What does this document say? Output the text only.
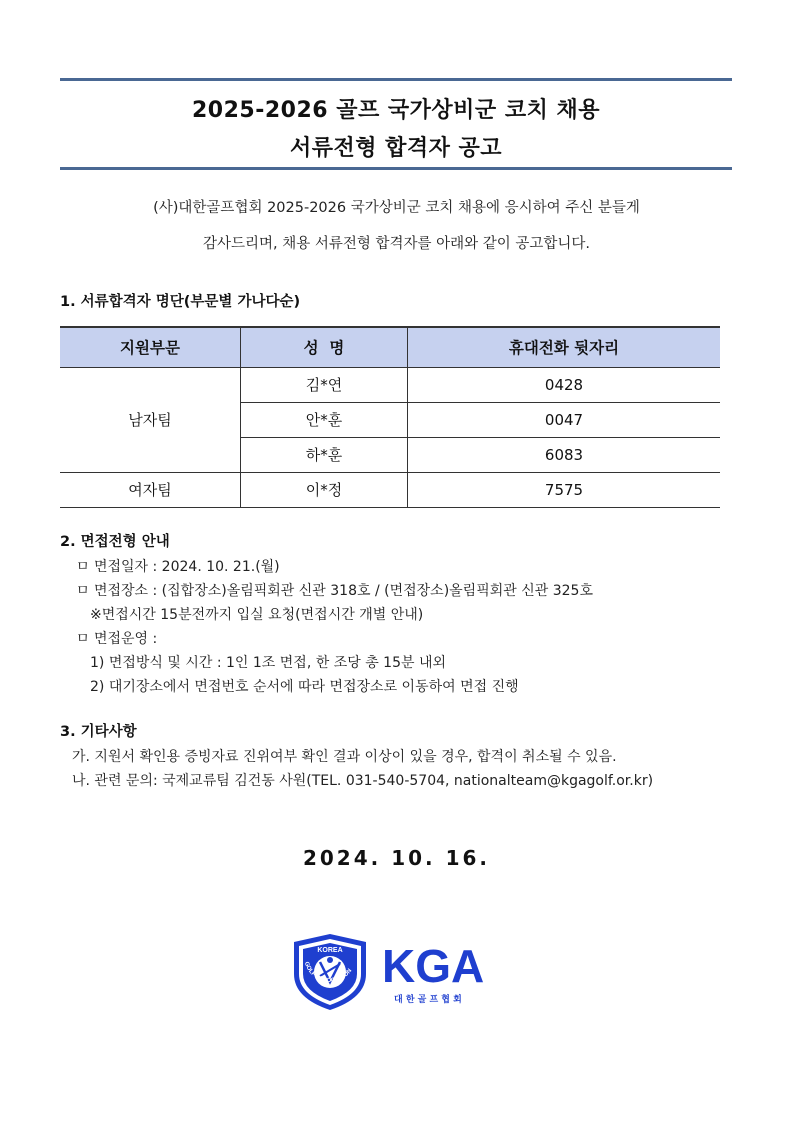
2025-2026 골프 국가상비군 코치 채용
서류전형 합격자 공고
(사)대한골프협회 2025-2026 국가상비군 코치 채용에 응시하여 주신 분들게
감사드리며, 채용 서류전형 합격자를 아래와 같이 공고합니다.
1. 서류합격자 명단(부문별 가나다순)
지원부문	성  명	휴대전화 뒷자리
남자팀	김*연	0428
	안*훈	0047
	하*훈	6083
여자팀	이*정	7575
2. 면접전형 안내
ㅁ 면접일자 : 2024. 10. 21.(월)
ㅁ 면접장소 : (집합장소)올림픽회관 신관 318호 / (면접장소)올림픽회관 신관 325호
※면접시간 15분전까지 입실 요청(면접시간 개별 안내)
ㅁ 면접운영 :
1) 면접방식 및 시간 : 1인 1조 면접, 한 조당 총 15분 내외
2) 대기장소에서 면접번호 순서에 따라 면접장소로 이동하여 면접 진행
3. 기타사항
가. 지원서 확인용 증빙자료 진위여부 확인 결과 이상이 있을 경우, 합격이 취소될 수 있음.
나. 관련 문의: 국제교류팀 김건동 사원(TEL. 031-540-5704, nationalteam@kgagolf.or.kr)
2024. 10. 16.
KOREA
GOLF ASSOCIATION KGA
대 한 골 프 협 회
